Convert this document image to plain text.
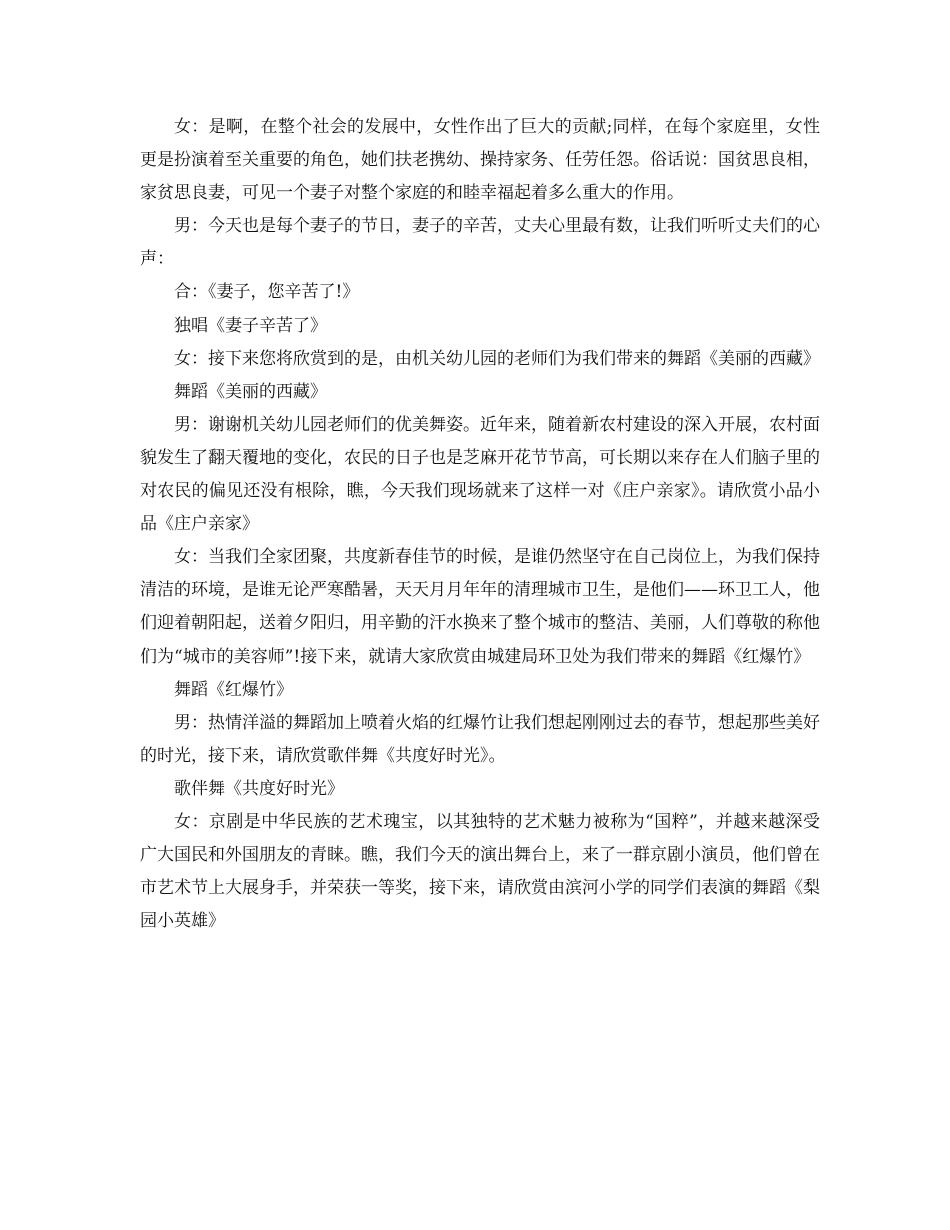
女：是啊，在整个社会的发展中，女性作出了巨大的贡献;同样，在每个家庭里，女性更是扮演着至关重要的角色，她们扶老携幼、操持家务、任劳任怨。俗话说：国贫思良相，家贫思良妻，可见一个妻子对整个家庭的和睦幸福起着多么重大的作用。

男：今天也是每个妻子的节日，妻子的辛苦，丈夫心里最有数，让我们听听丈夫们的心声：

合：《妻子，您辛苦了!》

独唱《妻子辛苦了》

女：接下来您将欣赏到的是，由机关幼儿园的老师们为我们带来的舞蹈《美丽的西藏》

舞蹈《美丽的西藏》

男：谢谢机关幼儿园老师们的优美舞姿。近年来，随着新农村建设的深入开展，农村面貌发生了翻天覆地的变化，农民的日子也是芝麻开花节节高，可长期以来存在人们脑子里的对农民的偏见还没有根除，瞧，今天我们现场就来了这样一对《庄户亲家》。请欣赏小品小品《庄户亲家》

女：当我们全家团聚，共度新春佳节的时候，是谁仍然坚守在自己岗位上，为我们保持清洁的环境，是谁无论严寒酷暑，天天月月年年的清理城市卫生，是他们——环卫工人，他们迎着朝阳起，送着夕阳归，用辛勤的汗水换来了整个城市的整洁、美丽，人们尊敬的称他们为“城市的美容师”!接下来，就请大家欣赏由城建局环卫处为我们带来的舞蹈《红爆竹》

舞蹈《红爆竹》

男：热情洋溢的舞蹈加上喷着火焰的红爆竹让我们想起刚刚过去的春节，想起那些美好的时光，接下来，请欣赏歌伴舞《共度好时光》。

歌伴舞《共度好时光》

女：京剧是中华民族的艺术瑰宝，以其独特的艺术魅力被称为“国粹”，并越来越深受广大国民和外国朋友的青睐。瞧，我们今天的演出舞台上，来了一群京剧小演员，他们曾在市艺术节上大展身手，并荣获一等奖，接下来，请欣赏由滨河小学的同学们表演的舞蹈《梨园小英雄》
